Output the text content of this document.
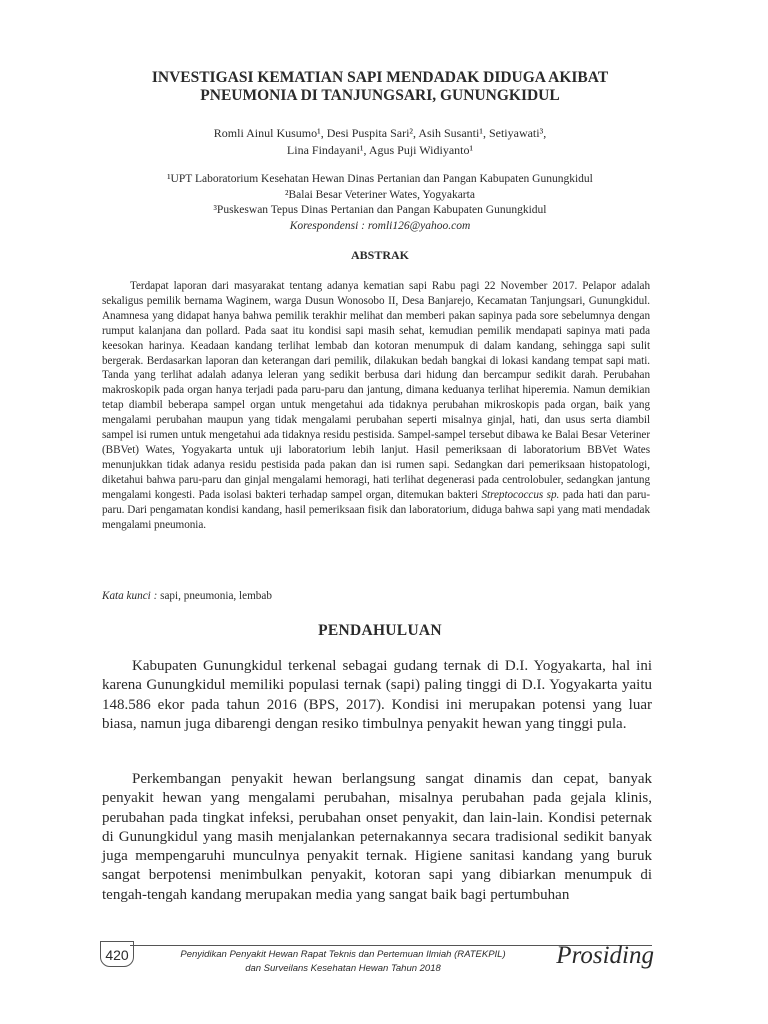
INVESTIGASI KEMATIAN SAPI MENDADAK DIDUGA AKIBAT
PNEUMONIA DI TANJUNGSARI, GUNUNGKIDUL
Romli Ainul Kusumo¹, Desi Puspita Sari², Asih Susanti¹, Setiyawati³,
Lina Findayani¹, Agus Puji Widiyanto¹
¹UPT Laboratorium Kesehatan Hewan Dinas Pertanian dan Pangan Kabupaten Gunungkidul
²Balai Besar Veteriner Wates, Yogyakarta
³Puskeswan Tepus Dinas Pertanian dan Pangan Kabupaten Gunungkidul
Korespondensi : romli126@yahoo.com
ABSTRAK

Terdapat laporan dari masyarakat tentang adanya kematian sapi Rabu pagi 22 November 2017. Pelapor adalah sekaligus pemilik bernama Waginem, warga Dusun Wonosobo II, Desa Banjarejo, Kecamatan Tanjungsari, Gunungkidul. Anamnesa yang didapat hanya bahwa pemilik terakhir melihat dan memberi pakan sapinya pada sore sebelumnya dengan rumput kalanjana dan pollard. Pada saat itu kondisi sapi masih sehat, kemudian pemilik mendapati sapinya mati pada keesokan harinya. Keadaan kandang terlihat lembab dan kotoran menumpuk di dalam kandang, sehingga sapi sulit bergerak. Berdasarkan laporan dan keterangan dari pemilik, dilakukan bedah bangkai di lokasi kandang tempat sapi mati. Tanda yang terlihat adalah adanya leleran yang sedikit berbusa dari hidung dan bercampur sedikit darah. Perubahan makroskopik pada organ hanya terjadi pada paru-paru dan jantung, dimana keduanya terlihat hiperemia. Namun demikian tetap diambil beberapa sampel organ untuk mengetahui ada tidaknya perubahan mikroskopis pada organ, baik yang mengalami perubahan maupun yang tidak mengalami perubahan seperti misalnya ginjal, hati, dan usus serta diambil sampel isi rumen untuk mengetahui ada tidaknya residu pestisida. Sampel-sampel tersebut dibawa ke Balai Besar Veteriner (BBVet) Wates, Yogyakarta untuk uji laboratorium lebih lanjut. Hasil pemeriksaan di laboratorium BBVet Wates menunjukkan tidak adanya residu pestisida pada pakan dan isi rumen sapi. Sedangkan dari pemeriksaan histopatologi, diketahui bahwa paru-paru dan ginjal mengalami hemoragi, hati terlihat degenerasi pada centrolobuler, sedangkan jantung mengalami kongesti. Pada isolasi bakteri terhadap sampel organ, ditemukan bakteri Streptococcus sp. pada hati dan paru-paru. Dari pengamatan kondisi kandang, hasil pemeriksaan fisik dan laboratorium, diduga bahwa sapi yang mati mendadak mengalami pneumonia.

Kata kunci : sapi, pneumonia, lembab
PENDAHULUAN

Kabupaten Gunungkidul terkenal sebagai gudang ternak di D.I. Yogyakarta, hal ini karena Gunungkidul memiliki populasi ternak (sapi) paling tinggi di D.I. Yogyakarta yaitu 148.586 ekor pada tahun 2016 (BPS, 2017). Kondisi ini merupakan potensi yang luar biasa, namun juga dibarengi dengan resiko timbulnya penyakit hewan yang tinggi pula.

Perkembangan penyakit hewan berlangsung sangat dinamis dan cepat, banyak penyakit hewan yang mengalami perubahan, misalnya perubahan pada gejala klinis, perubahan pada tingkat infeksi, perubahan onset penyakit, dan lain-lain. Kondisi peternak di Gunungkidul yang masih menjalankan peternakannya secara tradisional sedikit banyak juga mempengaruhi munculnya penyakit ternak. Higiene sanitasi kandang yang buruk sangat berpotensi menimbulkan penyakit, kotoran sapi yang dibiarkan menumpuk di tengah-tengah kandang merupakan media yang sangat baik bagi pertumbuhan

420	Penyidikan Penyakit Hewan Rapat Teknis dan Pertemuan Ilmiah (RATEKPIL)
dan Surveilans Kesehatan Hewan Tahun 2018	Prosiding
